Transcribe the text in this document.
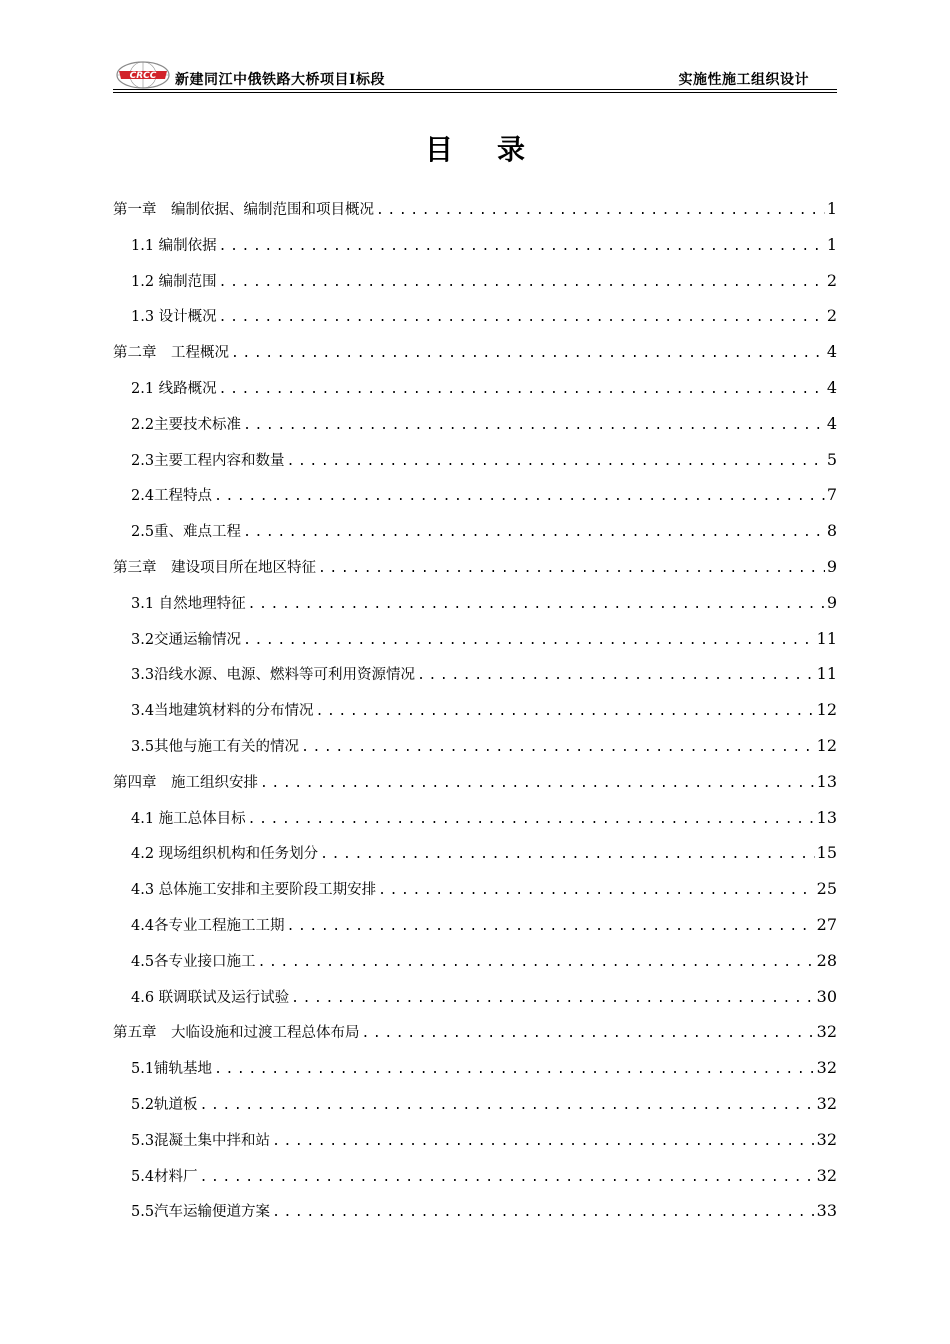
CRCC 新建同江中俄铁路大桥项目Ⅰ标段	实施性施工组织设计
目录
第一章　编制依据、编制范围和项目概况 .....	1
1.1 编制依据 .....	1
1.2 编制范围 .....	2
1.3 设计概况 .....	2
第二章　工程概况 .....	4
2.1 线路概况 .....	4
2.2主要技术标准 .....	4
2.3主要工程内容和数量 .....	5
2.4工程特点 .....	7
2.5重、难点工程 .....	8
第三章　建设项目所在地区特征 .....	9
3.1 自然地理特征 .....	9
3.2交通运输情况 .....	11
3.3沿线水源、电源、燃料等可利用资源情况 .....	11
3.4当地建筑材料的分布情况 .....	12
3.5其他与施工有关的情况 .....	12
第四章　施工组织安排 .....	13
4.1 施工总体目标 .....	13
4.2 现场组织机构和任务划分 .....	15
4.3 总体施工安排和主要阶段工期安排 .....	25
4.4各专业工程施工工期 .....	27
4.5各专业接口施工 .....	28
4.6 联调联试及运行试验 .....	30
第五章　大临设施和过渡工程总体布局 .....	32
5.1铺轨基地 .....	32
5.2轨道板 .....	32
5.3混凝土集中拌和站 .....	32
5.4材料厂 .....	32
5.5汽车运输便道方案 .....	33
